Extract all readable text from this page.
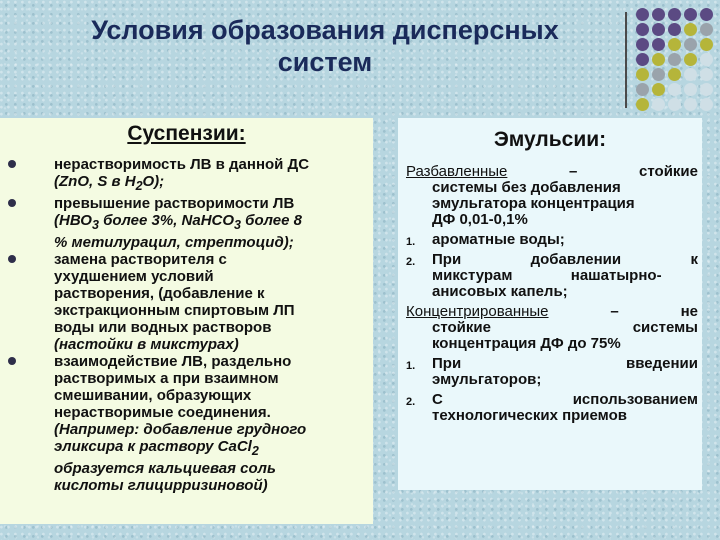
Условия образования дисперсных
систем
Суспензии:
нерастворимость ЛВ в данной ДС
(ZnO, S в $H_2O$);
превышение растворимости ЛВ
($НВО_3$ более 3%, NaHCO$_3$ более 8
% метилурацил, стрептоцид);
замена растворителя с
ухудшением условий
растворения, (добавление к
экстракционным спиртовым ЛП
воды или водных растворов
(настойки в микстурах)
взаимодействие ЛВ, раздельно
растворимых а при взаимном
смешивании, образующих
нерастворимые соединения.
(Например: добавление грудного
эликсира к раствору CaCl$_2$
образуется кальциевая соль
кислоты глицирризиновой)
Эмульсии:
Разбавленные	–	стойкие
системы без добавления
эмульгатора концентрация
ДФ 0,01-0,1%
1. ароматные воды;
2. При	добавлении	к
микстурам              нашатырно-
анисовых капель;
Концентрированные	–	не
стойкие	системы
концентрация ДФ до 75%
1. При	введении
эмульгаторов;
2. С	использованием
технологических приемов
